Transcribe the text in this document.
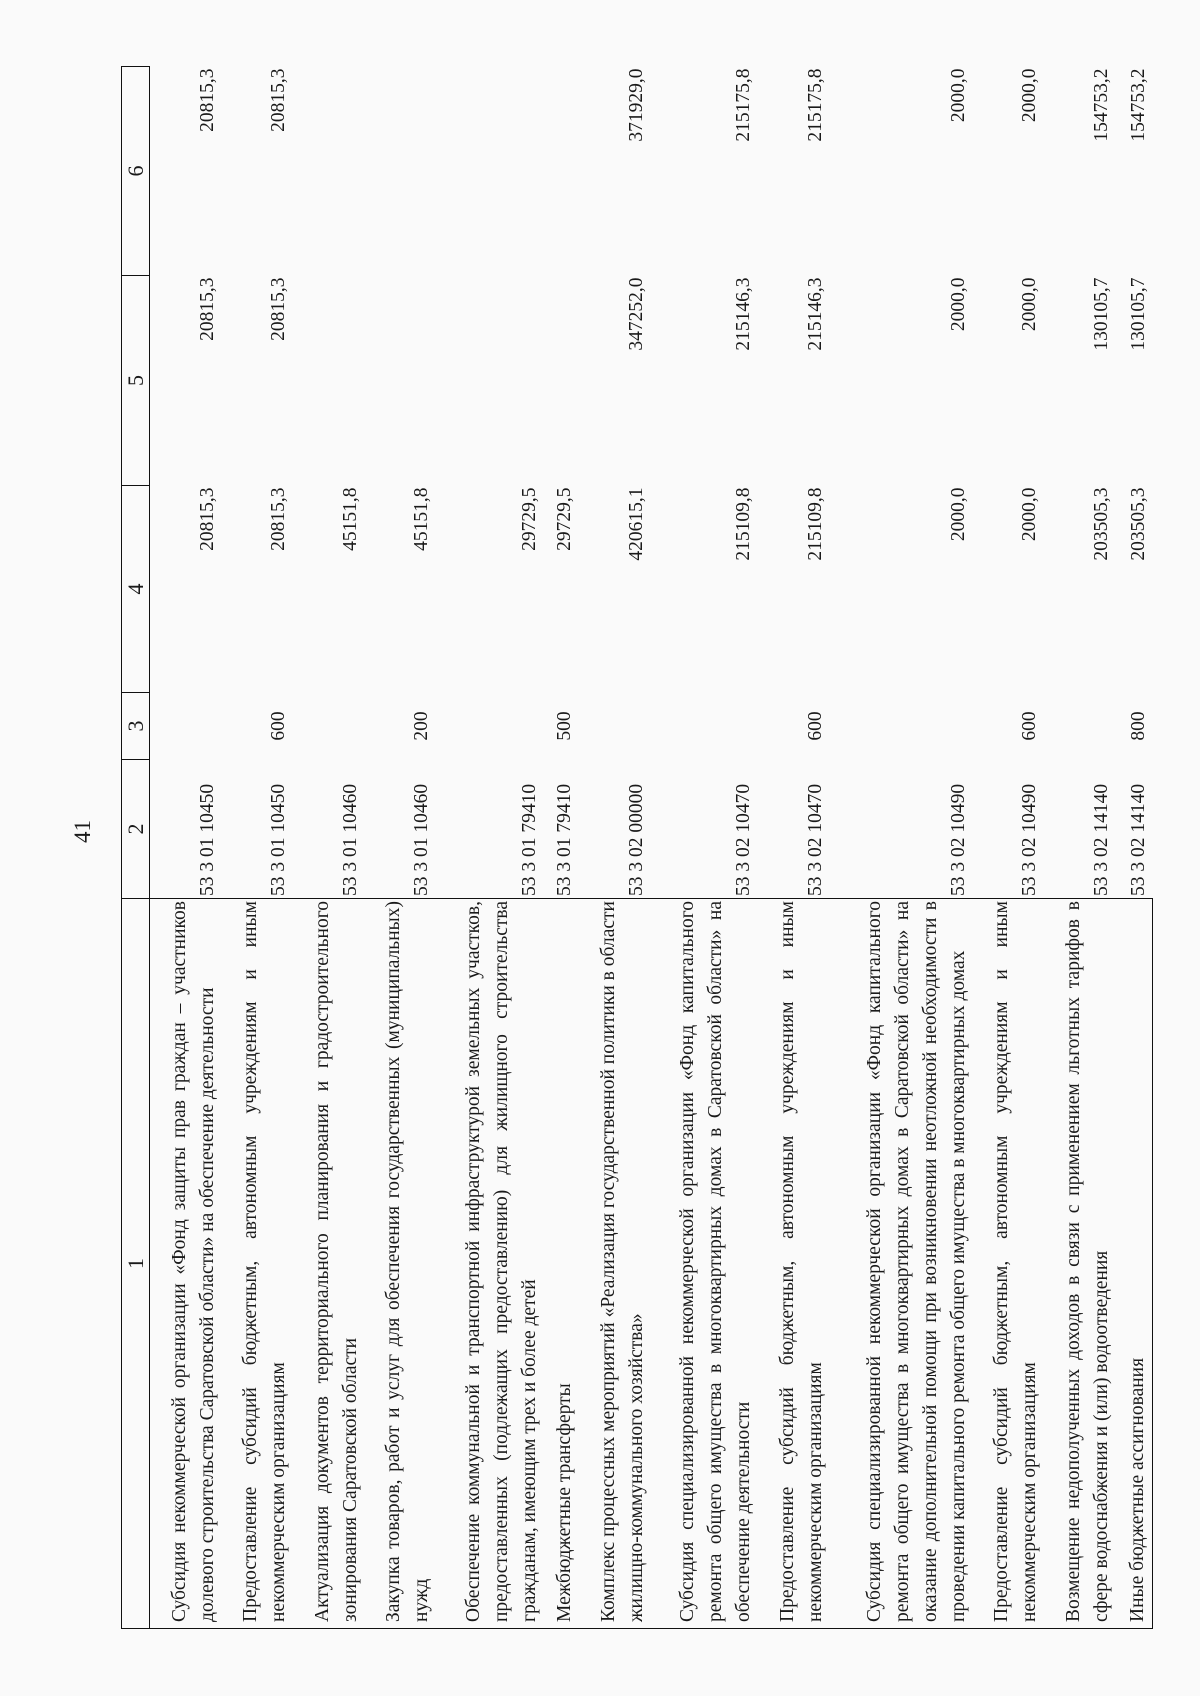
41
1	2	3	4	5	6
Субсидия некоммерческой организации «Фонд защиты прав граждан – участников долевого строительства Саратовской области» на обеспечение деятельности	53 3 01 10450		20815,3	20815,3	20815,3
Предоставление субсидий бюджетным, автономным учреждениям и иным некоммерческим организациям	53 3 01 10450	600	20815,3	20815,3	20815,3
Актуализация документов территориального планирования и градостроительного зонирования Саратовской области	53 3 01 10460		45151,8		
Закупка товаров, работ и услуг для обеспечения государственных (муниципальных) нужд	53 3 01 10460	200	45151,8		
Обеспечение коммунальной и транспортной инфраструктурой земельных участков, предоставленных (подлежащих предоставлению) для жилищного строительства гражданам, имеющим трех и более детей	53 3 01 79410		29729,5		
Межбюджетные трансферты	53 3 01 79410	500	29729,5		
Комплекс процессных мероприятий «Реализация государственной политики в области жилищно-коммунального хозяйства»	53 3 02 00000		420615,1	347252,0	371929,0
Субсидия специализированной некоммерческой организации «Фонд капитального ремонта общего имущества в многоквартирных домах в Саратовской области» на обеспечение деятельности	53 3 02 10470		215109,8	215146,3	215175,8
Предоставление субсидий бюджетным, автономным учреждениям и иным некоммерческим организациям	53 3 02 10470	600	215109,8	215146,3	215175,8
Субсидия специализированной некоммерческой организации «Фонд капитального ремонта общего имущества в многоквартирных домах в Саратовской области» на оказание дополнительной помощи при возникновении неотложной необходимости в проведении капитального ремонта общего имущества в многоквартирных домах	53 3 02 10490		2000,0	2000,0	2000,0
Предоставление субсидий бюджетным, автономным учреждениям и иным некоммерческим организациям	53 3 02 10490	600	2000,0	2000,0	2000,0
Возмещение недополученных доходов в связи с применением льготных тарифов в сфере водоснабжения и (или) водоотведения	53 3 02 14140		203505,3	130105,7	154753,2
Иные бюджетные ассигнования	53 3 02 14140	800	203505,3	130105,7	154753,2
